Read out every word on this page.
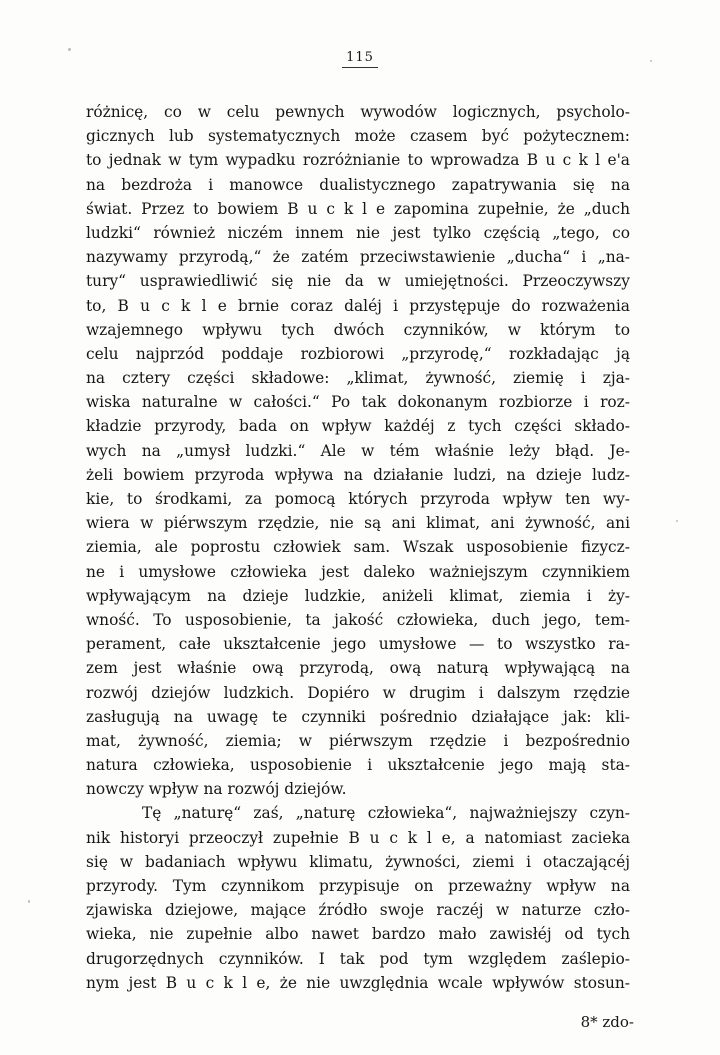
115
różnicę, co w celu pewnych wywodów logicznych, psycholo-
gicznych lub systematycznych może czasem być pożytecznem:
to jednak w tym wypadku rozróżnianie to wprowadza B u c k l e'a
na bezdroża i manowce dualistycznego zapatrywania się na
świat. Przez to bowiem B u c k l e zapomina zupełnie, że „duch
ludzki“ również niczém innem nie jest tylko częścią „tego, co
nazywamy przyrodą,“ że zatém przeciwstawienie „ducha“ i „na-
tury“ usprawiedliwić się nie da w umiejętności. Przeoczywszy
to, B u c k l e brnie coraz daléj i przystępuje do rozważenia
wzajemnego wpływu tych dwóch czynników, w którym to
celu najprzód poddaje rozbiorowi „przyrodę,“ rozkładając ją
na cztery części składowe: „klimat, żywność, ziemię i zja-
wiska naturalne w całości.“ Po tak dokonanym rozbiorze i roz-
kładzie przyrody, bada on wpływ każdéj z tych części składo-
wych na „umysł ludzki.“ Ale w tém właśnie leży błąd. Je-
żeli bowiem przyroda wpływa na działanie ludzi, na dzieje ludz-
kie, to środkami, za pomocą których przyroda wpływ ten wy-
wiera w piérwszym rzędzie, nie są ani klimat, ani żywność, ani
ziemia, ale poprostu człowiek sam. Wszak usposobienie fizycz-
ne i umysłowe człowieka jest daleko ważniejszym czynnikiem
wpływającym na dzieje ludzkie, aniżeli klimat, ziemia i ży-
wność. To usposobienie, ta jakość człowieka, duch jego, tem-
perament, całe ukształcenie jego umysłowe — to wszystko ra-
zem jest właśnie ową przyrodą, ową naturą wpływającą na
rozwój dziejów ludzkich. Dopiéro w drugim i dalszym rzędzie
zasługują na uwagę te czynniki pośrednio działające jak: kli-
mat, żywność, ziemia; w piérwszym rzędzie i bezpośrednio
natura człowieka, usposobienie i ukształcenie jego mają sta-
nowczy wpływ na rozwój dziejów.
Tę „naturę“ zaś, „naturę człowieka“, najważniejszy czyn-
nik historyi przeoczył zupełnie B u c k l e, a natomiast zacieka
się w badaniach wpływu klimatu, żywności, ziemi i otaczającéj
przyrody. Tym czynnikom przypisuje on przeważny wpływ na
zjawiska dziejowe, mające źródło swoje raczéj w naturze czło-
wieka, nie zupełnie albo nawet bardzo mało zawisłéj od tych
drugorzędnych czynników. I tak pod tym względem zaślepio-
nym jest B u c k l e, że nie uwzględnia wcale wpływów stosun-
8* zdo-
